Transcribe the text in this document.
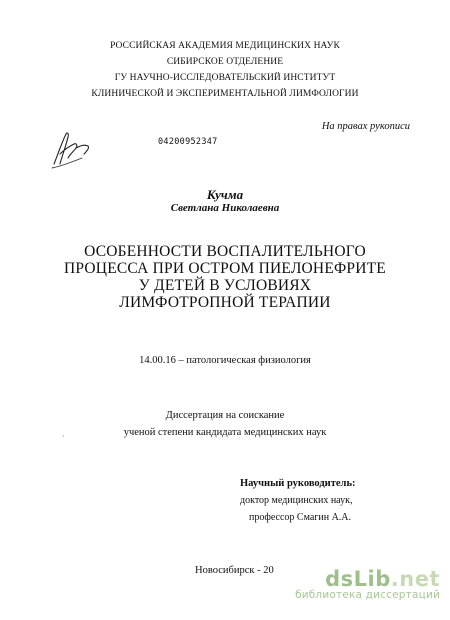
РОССИЙСКАЯ АКАДЕМИЯ МЕДИЦИНСКИХ НАУК
СИБИРСКОЕ ОТДЕЛЕНИЕ
ГУ НАУЧНО-ИССЛЕДОВАТЕЛЬСКИЙ ИНСТИТУТ
КЛИНИЧЕСКОЙ И ЭКСПЕРИМЕНТАЛЬНОЙ ЛИМФОЛОГИИ
На правах рукописи
04200952347
Кучма
Светлана Николаевна
ОСОБЕННОСТИ ВОСПАЛИТЕЛЬНОГО
ПРОЦЕССА ПРИ ОСТРОМ ПИЕЛОНЕФРИТЕ
У ДЕТЕЙ В УСЛОВИЯХ
ЛИМФОТРОПНОЙ ТЕРАПИИ
14.00.16 – патологическая физиология
Диссертация на соискание
ученой степени кандидата медицинских наук
·
Научный руководитель:
доктор медицинских наук,
профессор Смагин А.А.
Новосибирск - 20	dsLib.net
библиотека диссертаций
